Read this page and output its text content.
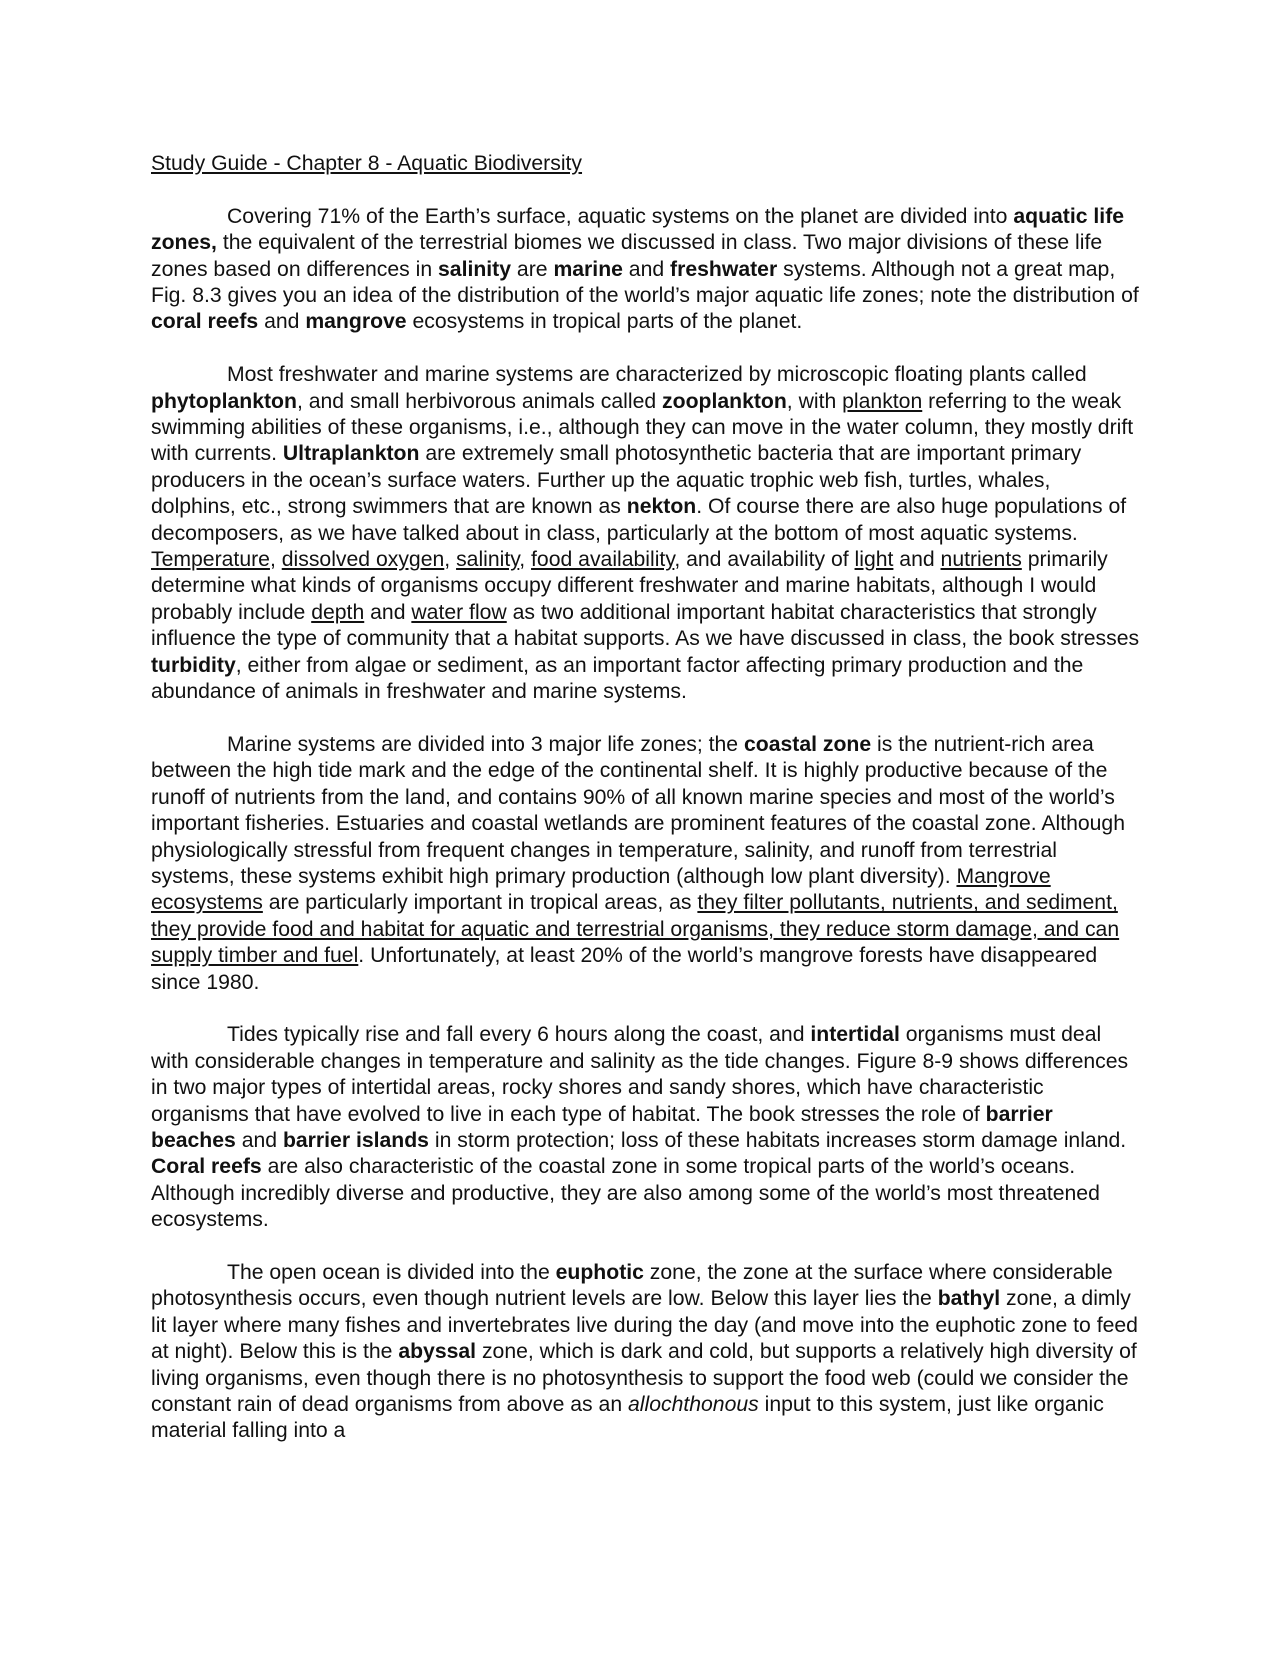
Study Guide - Chapter 8 - Aquatic Biodiversity

Covering 71% of the Earth’s surface, aquatic systems on the planet are divided into aquatic life zones, the equivalent of the terrestrial biomes we discussed in class. Two major divisions of these life zones based on differences in salinity are marine and freshwater systems. Although not a great map, Fig. 8.3 gives you an idea of the distribution of the world’s major aquatic life zones; note the distribution of coral reefs and mangrove ecosystems in tropical parts of the planet.

Most freshwater and marine systems are characterized by microscopic floating plants called phytoplankton, and small herbivorous animals called zooplankton, with plankton referring to the weak swimming abilities of these organisms, i.e., although they can move in the water column, they mostly drift with currents. Ultraplankton are extremely small photosynthetic bacteria that are important primary producers in the ocean’s surface waters. Further up the aquatic trophic web fish, turtles, whales, dolphins, etc., strong swimmers that are known as nekton. Of course there are also huge populations of decomposers, as we have talked about in class, particularly at the bottom of most aquatic systems. Temperature, dissolved oxygen, salinity, food availability, and availability of light and nutrients primarily determine what kinds of organisms occupy different freshwater and marine habitats, although I would probably include depth and water flow as two additional important habitat characteristics that strongly influence the type of community that a habitat supports. As we have discussed in class, the book stresses turbidity, either from algae or sediment, as an important factor affecting primary production and the abundance of animals in freshwater and marine systems.

Marine systems are divided into 3 major life zones; the coastal zone is the nutrient-rich area between the high tide mark and the edge of the continental shelf. It is highly productive because of the runoff of nutrients from the land, and contains 90% of all known marine species and most of the world’s important fisheries. Estuaries and coastal wetlands are prominent features of the coastal zone. Although physiologically stressful from frequent changes in temperature, salinity, and runoff from terrestrial systems, these systems exhibit high primary production (although low plant diversity). Mangrove ecosystems are particularly important in tropical areas, as they filter pollutants, nutrients, and sediment, they provide food and habitat for aquatic and terrestrial organisms, they reduce storm damage, and can supply timber and fuel. Unfortunately, at least 20% of the world’s mangrove forests have disappeared since 1980.

Tides typically rise and fall every 6 hours along the coast, and intertidal organisms must deal with considerable changes in temperature and salinity as the tide changes. Figure 8-9 shows differences in two major types of intertidal areas, rocky shores and sandy shores, which have characteristic organisms that have evolved to live in each type of habitat. The book stresses the role of barrier beaches and barrier islands in storm protection; loss of these habitats increases storm damage inland. Coral reefs are also characteristic of the coastal zone in some tropical parts of the world’s oceans. Although incredibly diverse and productive, they are also among some of the world’s most threatened ecosystems.

The open ocean is divided into the euphotic zone, the zone at the surface where considerable photosynthesis occurs, even though nutrient levels are low. Below this layer lies the bathyl zone, a dimly lit layer where many fishes and invertebrates live during the day (and move into the euphotic zone to feed at night). Below this is the abyssal zone, which is dark and cold, but supports a relatively high diversity of living organisms, even though there is no photosynthesis to support the food web (could we consider the constant rain of dead organisms from above as an allochthonous input to this system, just like organic material falling into a
